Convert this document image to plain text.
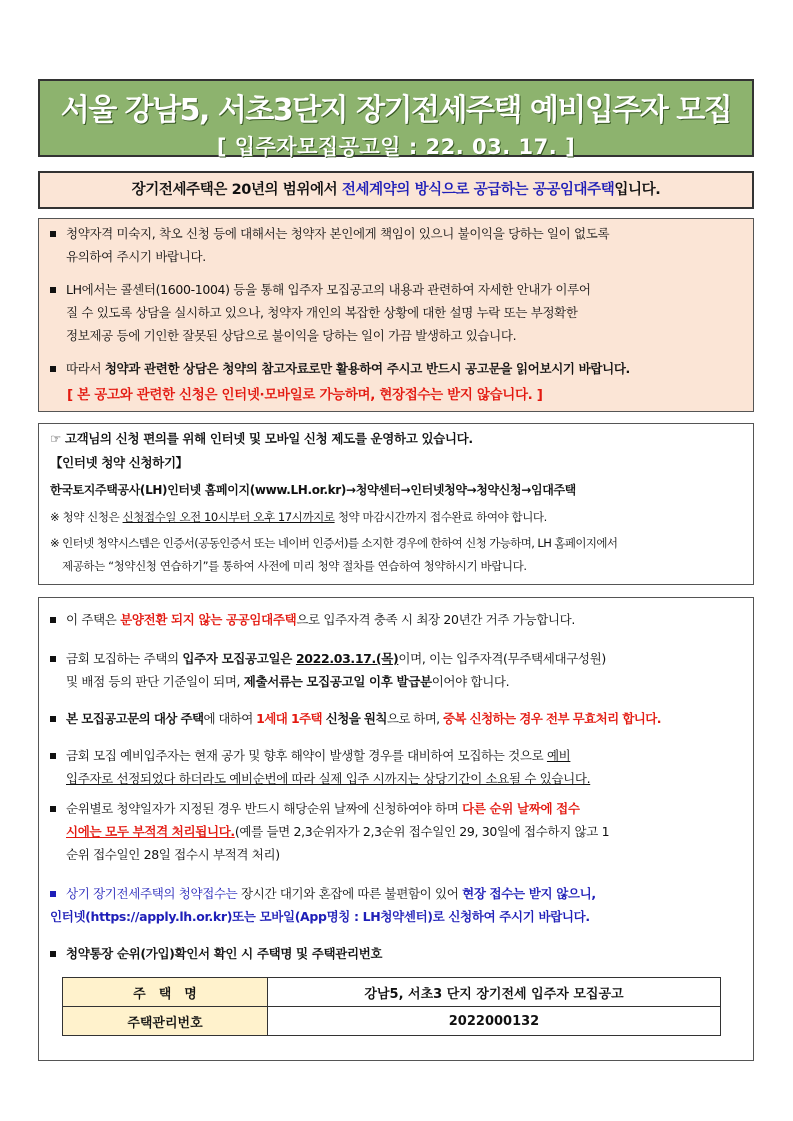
서울 강남5, 서초3단지 장기전세주택 예비입주자 모집
[ 입주자모집공고일 : 22. 03. 17. ]
장기전세주택은 20년의 범위에서 전세계약의 방식으로 공급하는 공공임대주택입니다.
청약자격 미숙지, 착오 신청 등에 대해서는 청약자 본인에게 책임이 있으니 불이익을 당하는 일이 없도록
유의하여 주시기 바랍니다.
LH에서는 콜센터(1600-1004) 등을 통해 입주자 모집공고의 내용과 관련하여 자세한 안내가 이루어
질 수 있도록 상담을 실시하고 있으나, 청약자 개인의 복잡한 상황에 대한 설명 누락 또는 부정확한
정보제공 등에 기인한 잘못된 상담으로 불이익을 당하는 일이 가끔 발생하고 있습니다.
따라서 청약과 관련한 상담은 청약의 참고자료로만 활용하여 주시고 반드시 공고문을 읽어보시기 바랍니다.
[ 본 공고와 관련한 신청은 인터넷·모바일로 가능하며, 현장접수는 받지 않습니다. ]
☞ 고객님의 신청 편의를 위해 인터넷 및 모바일 신청 제도를 운영하고 있습니다.
【인터넷 청약 신청하기】
한국토지주택공사(LH)인터넷 홈페이지(www.LH.or.kr)→청약센터→인터넷청약→청약신청→임대주택
※ 청약 신청은 신청접수일 오전 10시부터 오후 17시까지로 청약 마감시간까지 접수완료 하여야 합니다.
※ 인터넷 청약시스템은 인증서(공동인증서 또는 네이버 인증서)를 소지한 경우에 한하여 신청 가능하며, LH 홈페이지에서
제공하는 “청약신청 연습하기”를 통하여 사전에 미리 청약 절차를 연습하여 청약하시기 바랍니다.
이 주택은 분양전환 되지 않는 공공임대주택으로 입주자격 충족 시 최장 20년간 거주 가능합니다.
금회 모집하는 주택의 입주자 모집공고일은 2022.03.17.(목)이며, 이는 입주자격(무주택세대구성원)
및 배점 등의 판단 기준일이 되며, 제출서류는 모집공고일 이후 발급분이어야 합니다.
본 모집공고문의 대상 주택에 대하여 1세대 1주택 신청을 원칙으로 하며, 중복 신청하는 경우 전부 무효처리 합니다.
금회 모집 예비입주자는 현재 공가 및 향후 해약이 발생할 경우를 대비하여 모집하는 것으로 예비
입주자로 선정되었다 하더라도 예비순번에 따라 실제 입주 시까지는 상당기간이 소요될 수 있습니다.
순위별로 청약일자가 지정된 경우 반드시 해당순위 날짜에 신청하여야 하며 다른 순위 날짜에 접수
시에는 모두 부적격 처리됩니다.(예를 들면 2,3순위자가 2,3순위 접수일인 29, 30일에 접수하지 않고 1
순위 접수일인 28일 접수시 부적격 처리)
상기 장기전세주택의 청약접수는 장시간 대기와 혼잡에 따른 불편함이 있어 현장 접수는 받지 않으니,
인터넷(https://apply.lh.or.kr)또는 모바일(App명칭 : LH청약센터)로 신청하여 주시기 바랍니다.
청약통장 순위(가입)확인서 확인 시 주택명 및 주택관리번호
주　택　명	강남5, 서초3 단지 장기전세 입주자 모집공고
주택관리번호	2022000132
